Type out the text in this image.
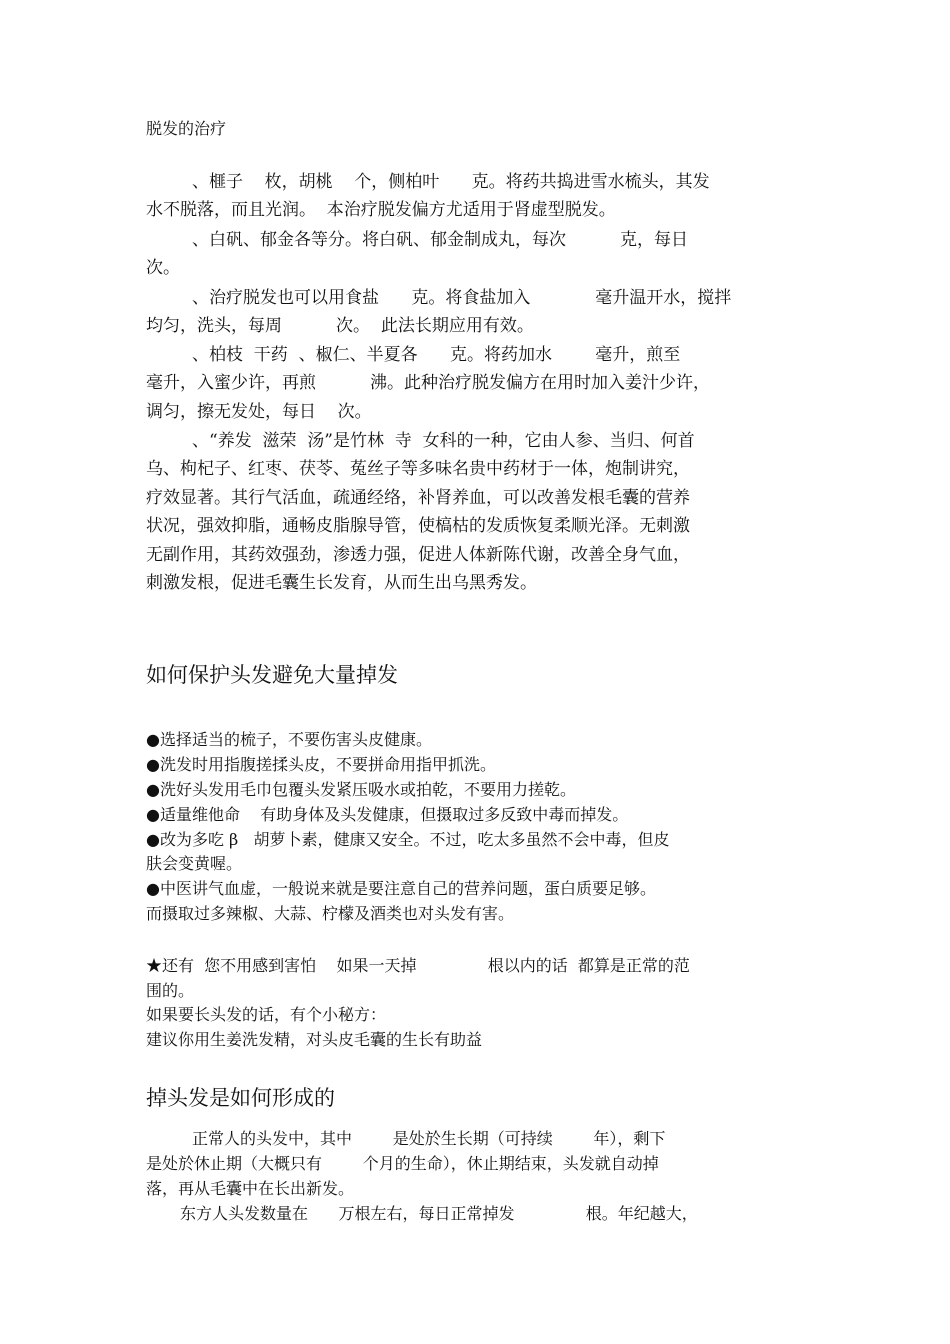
脱发的治疗
、榧子    枚，胡桃    个，侧柏叶      克。将药共捣进雪水梳头，其发
水不脱落，而且光润。  本治疗脱发偏方尤适用于肾虚型脱发。
、白矾、郁金各等分。将白矾、郁金制成丸，每次          克，每日
次。
、治疗脱发也可以用食盐      克。将食盐加入            毫升温开水，搅拌
均匀，洗头，每周          次。  此法长期应用有效。
、柏枝  干药  、椒仁、半夏各      克。将药加水        毫升，煎至
毫升，入蜜少许，再煎          沸。此种治疗脱发偏方在用时加入姜汁少许，
调匀，擦无发处，每日    次。
、“养发  滋荣  汤”是竹林  寺  女科的一种，它由人参、当归、何首
乌、枸杞子、红枣、茯苓、菟丝子等多味名贵中药材于一体，炮制讲究，
疗效显著。其行气活血，疏通经络，补肾养血，可以改善发根毛囊的营养
状况，强效抑脂，通畅皮脂腺导管，使槁枯的发质恢复柔顺光泽。无刺激
无副作用，其药效强劲，渗透力强，促进人体新陈代谢，改善全身气血，
刺激发根，促进毛囊生长发育，从而生出乌黑秀发。
如何保护头发避免大量掉发
●选择适当的梳子，不要伤害头皮健康。
●洗发时用指腹搓揉头皮，不要拼命用指甲抓洗。
●洗好头发用毛巾包覆头发紧压吸水或拍乾，不要用力搓乾。
●适量维他命    有助身体及头发健康，但摄取过多反致中毒而掉发。
●改为多吃 β   胡萝卜素，健康又安全。不过，吃太多虽然不会中毒，但皮
肤会变黄喔。
●中医讲气血虚，一般说来就是要注意自己的营养问题，蛋白质要足够。
而摄取过多辣椒、大蒜、柠檬及酒类也对头发有害。
★还有  您不用感到害怕    如果一天掉              根以内的话  都算是正常的范
围的。
如果要长头发的话，有个小秘方：
建议你用生姜洗发精，对头皮毛囊的生长有助益
掉头发是如何形成的
正常人的头发中，其中        是处於生长期（可持续        年），剩下
是处於休止期（大概只有        个月的生命），休止期结束，头发就自动掉
落，再从毛囊中在长出新发。
东方人头发数量在      万根左右，每日正常掉发              根。年纪越大，
